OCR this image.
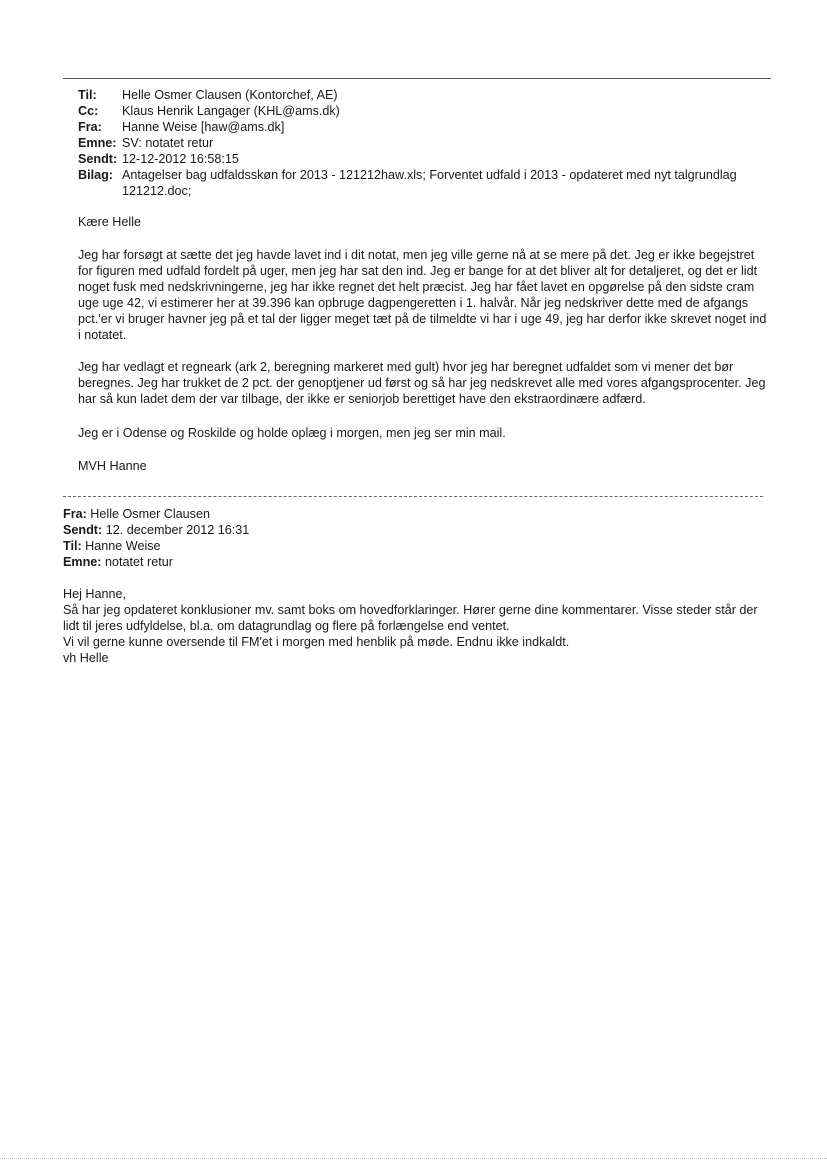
Til:	Helle Osmer Clausen (Kontorchef, AE)
Cc:	Klaus Henrik Langager (KHL@ams.dk)
Fra:	Hanne Weise [haw@ams.dk]
Emne: SV: notatet retur
Sendt: 12-12-2012 16:58:15
Bilag: Antagelser bag udfaldsskøn for 2013 - 121212haw.xls; Forventet udfald i 2013 - opdateret med nyt talgrundlag 121212.doc;

Kære Helle

Jeg har forsøgt at sætte det jeg havde lavet ind i dit notat, men jeg ville gerne nå at se mere på det. Jeg er ikke begejstret for figuren med udfald fordelt på uger, men jeg har sat den ind. Jeg er bange for at det bliver alt for detaljeret, og det er lidt noget fusk med nedskrivningerne, jeg har ikke regnet det helt præcist. Jeg har fået lavet en opgørelse på den sidste cram uge uge 42, vi estimerer her at 39.396 kan opbruge dagpengeretten i 1. halvår. Når jeg nedskriver dette med de afgangs pct.'er vi bruger havner jeg på et tal der ligger meget tæt på de tilmeldte vi har i uge 49, jeg har derfor ikke skrevet noget ind i notatet.

Jeg har vedlagt et regneark (ark 2, beregning markeret med gult) hvor jeg har beregnet udfaldet som vi mener det bør beregnes. Jeg har trukket de 2 pct. der genoptjener ud først og så har jeg nedskrevet alle med vores afgangsprocenter. Jeg har så kun ladet dem der var tilbage, der ikke er seniorjob berettiget have den ekstraordinære adfærd.

Jeg er i Odense og Roskilde og holde oplæg i morgen, men jeg ser min mail.

MVH Hanne

Fra: Helle Osmer Clausen
Sendt: 12. december 2012 16:31
Til: Hanne Weise
Emne: notatet retur

Hej Hanne,

Så har jeg opdateret konklusioner mv. samt boks om hovedforklaringer. Hører gerne dine kommentarer. Visse steder står der lidt til jeres udfyldelse, bl.a. om datagrundlag og flere på forlængelse end ventet.

Vi vil gerne kunne oversende til FM'et i morgen med henblik på møde. Endnu ikke indkaldt.

vh Helle
